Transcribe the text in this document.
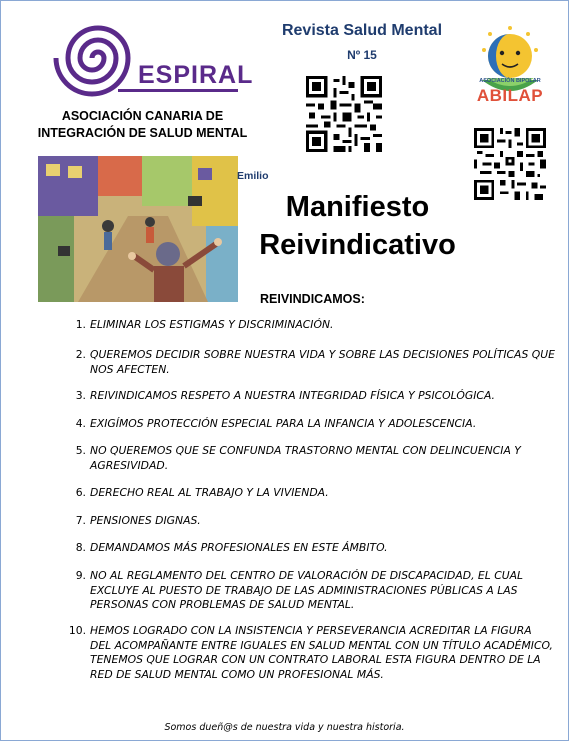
ESPIRAL
ASOCIACIÓN CANARIA DE INTEGRACIÓN DE SALUD MENTAL
Revista Salud Mental
Nº 15
ASOCIACIÓN BIPOLAR
ABILAP
Emilio
Manifiesto Reivindicativo
REIVINDICAMOS:
1. ELIMINAR LOS ESTIGMAS Y DISCRIMINACIÓN.
2. QUEREMOS DECIDIR SOBRE NUESTRA VIDA Y SOBRE LAS DECISIONES POLÍTICAS QUE NOS AFECTEN.
3. REIVINDICAMOS RESPETO A NUESTRA INTEGRIDAD FÍSICA Y PSICOLÓGICA.
4. EXIGÍMOS PROTECCIÓN ESPECIAL PARA LA INFANCIA Y ADOLESCENCIA.
5. NO QUEREMOS QUE SE CONFUNDA TRASTORNO MENTAL CON DELINCUENCIA Y AGRESIVIDAD.
6. DERECHO REAL AL TRABAJO Y LA VIVIENDA.
7. PENSIONES DIGNAS.
8. DEMANDAMOS MÁS PROFESIONALES EN ESTE ÁMBITO.
9. NO AL REGLAMENTO DEL CENTRO DE VALORACIÓN DE DISCAPACIDAD, EL CUAL EXCLUYE AL PUESTO DE TRABAJO DE LAS ADMINISTRACIONES PÚBLICAS A LAS PERSONAS CON PROBLEMAS DE SALUD MENTAL.
10. HEMOS LOGRADO CON LA INSISTENCIA Y PERSEVERANCIA ACREDITAR LA FIGURA DEL ACOMPAÑANTE ENTRE IGUALES EN SALUD MENTAL CON UN TÍTULO ACADÉMICO, TENEMOS QUE LOGRAR CON UN CONTRATO LABORAL ESTA FIGURA DENTRO DE LA RED DE SALUD MENTAL COMO UN PROFESIONAL MÁS.
Somos dueñ@s de nuestra vida y nuestra historia.
